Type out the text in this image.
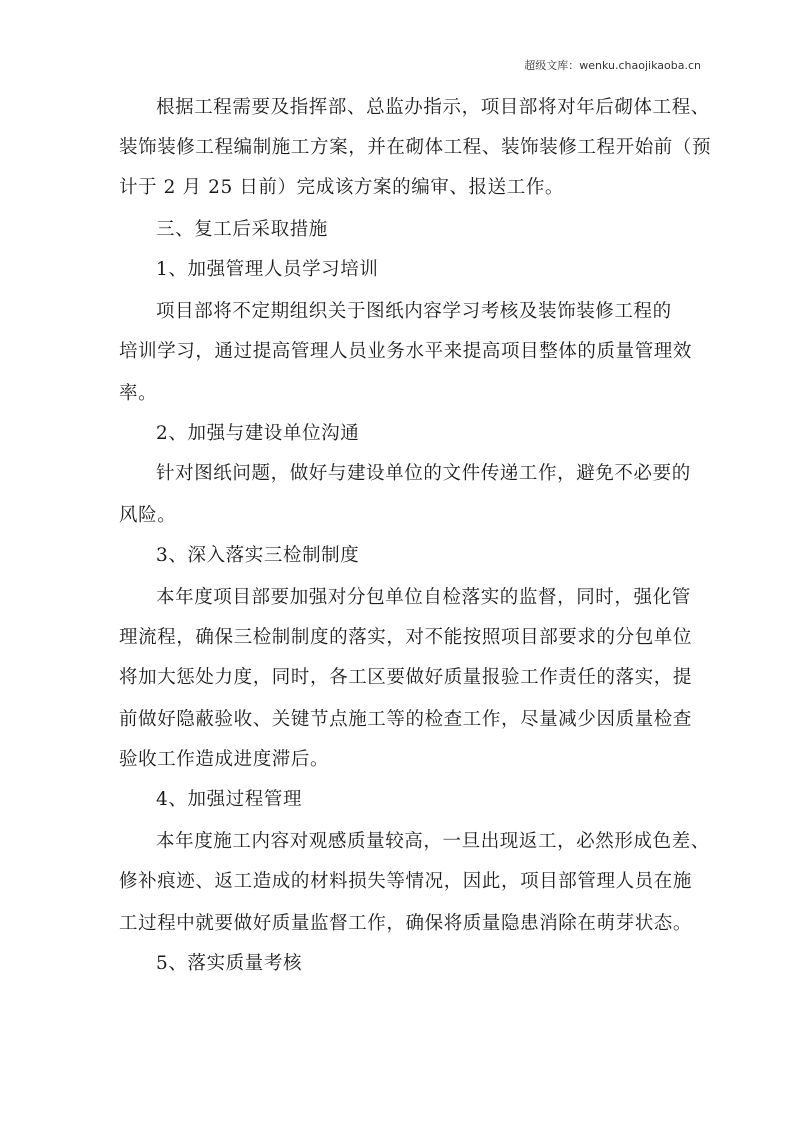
超级文库：wenku.chaojikaoba.cn
根据工程需要及指挥部、总监办指示，项目部将对年后砌体工程、
装饰装修工程编制施工方案，并在砌体工程、装饰装修工程开始前（预
计于 2 月 25 日前）完成该方案的编审、报送工作。
三、复工后采取措施
1、加强管理人员学习培训
项目部将不定期组织关于图纸内容学习考核及装饰装修工程的
培训学习，通过提高管理人员业务水平来提高项目整体的质量管理效
率。
2、加强与建设单位沟通
针对图纸问题，做好与建设单位的文件传递工作，避免不必要的
风险。
3、深入落实三检制制度
本年度项目部要加强对分包单位自检落实的监督，同时，强化管
理流程，确保三检制制度的落实，对不能按照项目部要求的分包单位
将加大惩处力度，同时，各工区要做好质量报验工作责任的落实，提
前做好隐蔽验收、关键节点施工等的检查工作，尽量减少因质量检查
验收工作造成进度滞后。
4、加强过程管理
本年度施工内容对观感质量较高，一旦出现返工，必然形成色差、
修补痕迹、返工造成的材料损失等情况，因此，项目部管理人员在施
工过程中就要做好质量监督工作，确保将质量隐患消除在萌芽状态。
5、落实质量考核
